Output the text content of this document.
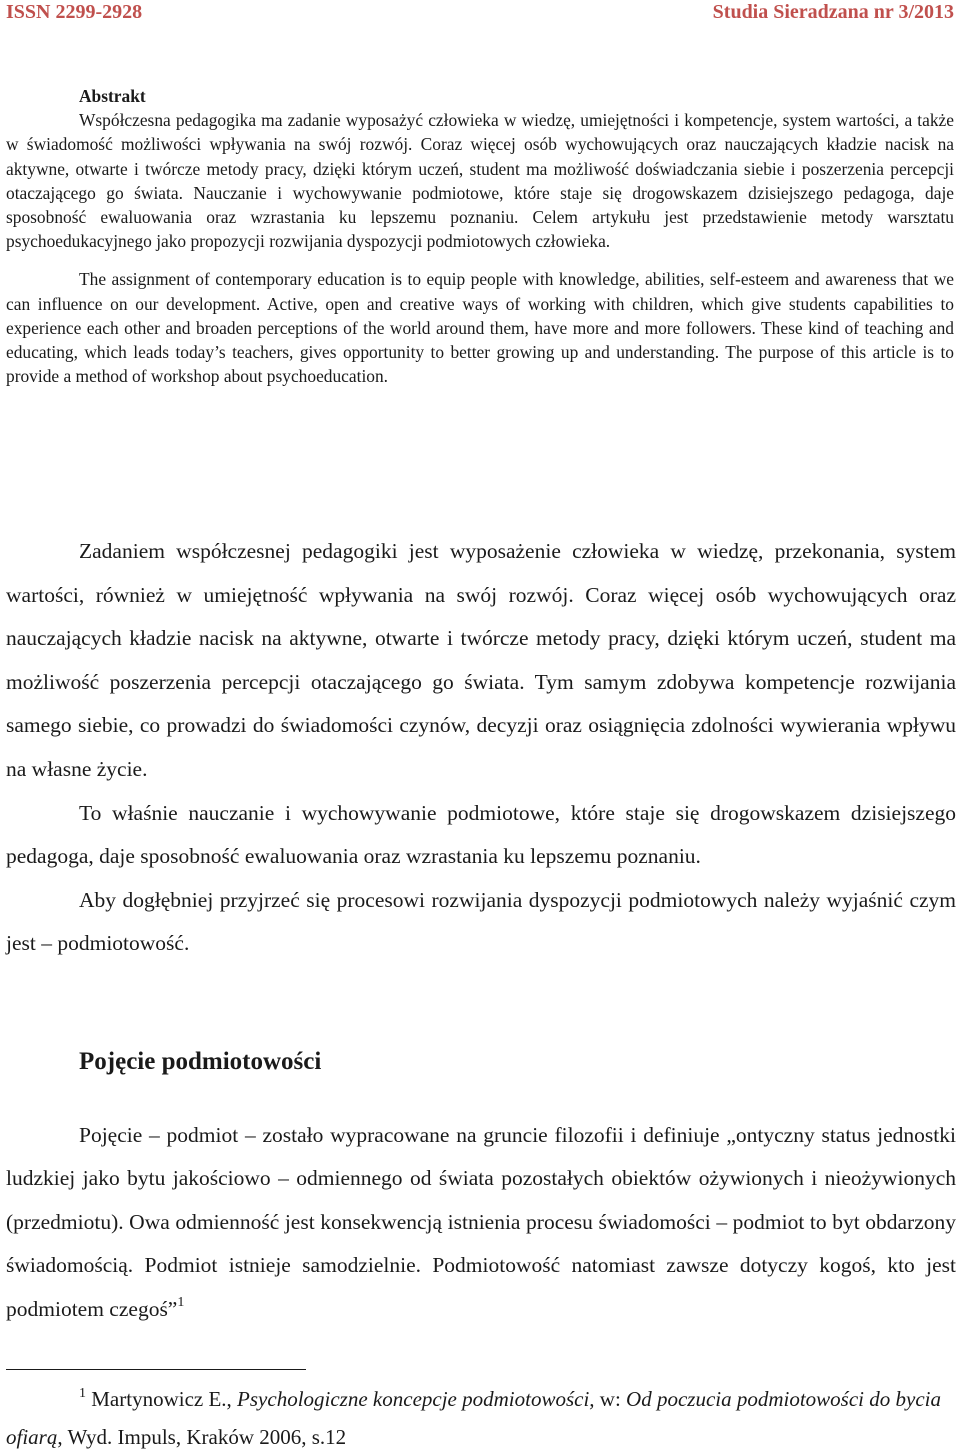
ISSN 2299-2928	Studia Sieradzana nr 3/2013
Abstrakt

Współczesna pedagogika ma zadanie wyposażyć człowieka w wiedzę, umiejętności i kompetencje, system wartości, a także w świadomość możliwości wpływania na swój rozwój. Coraz więcej osób wychowujących oraz nauczających kładzie nacisk na aktywne, otwarte i twórcze metody pracy, dzięki którym uczeń, student ma możliwość doświadczania siebie i poszerzenia percepcji otaczającego go świata. Nauczanie i wychowywanie podmiotowe, które staje się drogowskazem dzisiejszego pedagoga, daje sposobność ewaluowania oraz wzrastania ku lepszemu poznaniu. Celem artykułu jest przedstawienie metody warsztatu psychoedukacyjnego jako propozycji rozwijania dyspozycji podmiotowych człowieka.

The assignment of contemporary education is to equip people with knowledge, abilities, self-esteem and awareness that we can influence on our development. Active, open and creative ways of working with children, which give students capabilities to experience each other and broaden perceptions of the world around them, have more and more followers. These kind of teaching and educating, which leads today’s teachers, gives opportunity to better growing up and understanding. The purpose of this article is to provide a method of workshop about psychoeducation.

Zadaniem współczesnej pedagogiki jest wyposażenie człowieka w wiedzę, przekonania, system wartości, również w umiejętność wpływania na swój rozwój. Coraz więcej osób wychowujących oraz nauczających kładzie nacisk na aktywne, otwarte i twórcze metody pracy, dzięki którym uczeń, student ma możliwość poszerzenia percepcji otaczającego go świata. Tym samym zdobywa kompetencje rozwijania samego siebie, co prowadzi do świadomości czynów, decyzji oraz osiągnięcia zdolności wywierania wpływu na własne życie.

To właśnie nauczanie i wychowywanie podmiotowe, które staje się drogowskazem dzisiejszego pedagoga, daje sposobność ewaluowania oraz wzrastania ku lepszemu poznaniu.

Aby dogłębniej przyjrzeć się procesowi rozwijania dyspozycji podmiotowych należy wyjaśnić czym jest – podmiotowość.

Pojęcie podmiotowości

Pojęcie – podmiot – zostało wypracowane na gruncie filozofii i definiuje „ontyczny status jednostki ludzkiej jako bytu jakościowo – odmiennego od świata pozostałych obiektów ożywionych i nieożywionych (przedmiotu). Owa odmienność jest konsekwencją istnienia procesu świadomości – podmiot to byt obdarzony świadomością. Podmiot istnieje samodzielnie. Podmiotowość natomiast zawsze dotyczy kogoś, kto jest podmiotem czegoś”$^1$

$^1$ Martynowicz E., Psychologiczne koncepcje podmiotowości, w: Od poczucia podmiotowości do bycia ofiarą, Wyd. Impuls, Kraków 2006, s.12
